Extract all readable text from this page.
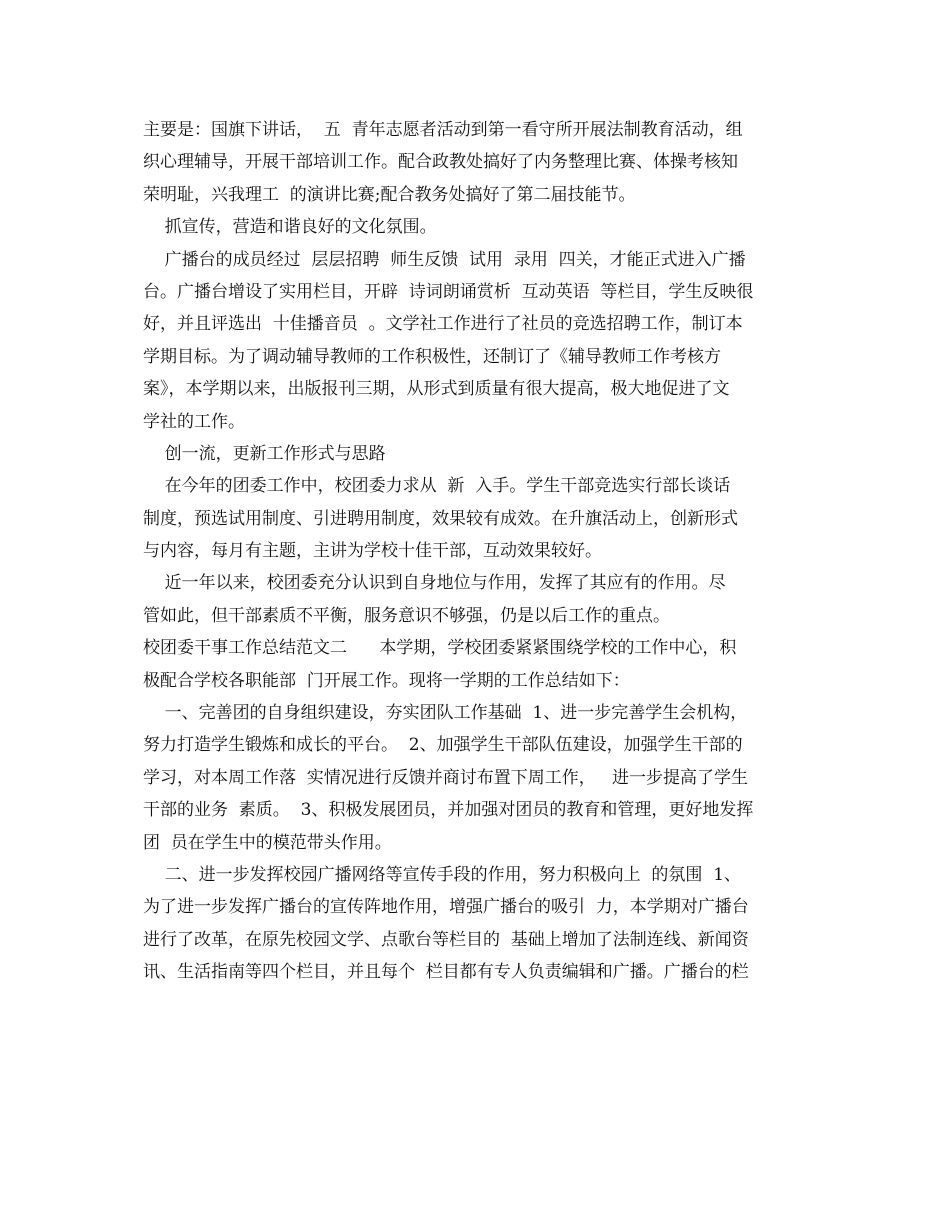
主要是：国旗下讲话，  五  青年志愿者活动到第一看守所开展法制教育活动，组
织心理辅导，开展干部培训工作。配合政教处搞好了内务整理比赛、体操考核知
荣明耻，兴我理工  的演讲比赛;配合教务处搞好了第二届技能节。
抓宣传，营造和谐良好的文化氛围。
广播台的成员经过  层层招聘  师生反馈  试用  录用  四关，才能正式进入广播
台。广播台增设了实用栏目，开辟  诗词朗诵赏析  互动英语  等栏目，学生反映很
好，并且评选出  十佳播音员  。文学社工作进行了社员的竞选招聘工作，制订本
学期目标。为了调动辅导教师的工作积极性，还制订了《辅导教师工作考核方
案》，本学期以来，出版报刊三期，从形式到质量有很大提高，极大地促进了文
学社的工作。
创一流，更新工作形式与思路
在今年的团委工作中，校团委力求从  新  入手。学生干部竞选实行部长谈话
制度，预选试用制度、引进聘用制度，效果较有成效。在升旗活动上，创新形式
与内容，每月有主题，主讲为学校十佳干部，互动效果较好。
近一年以来，校团委充分认识到自身地位与作用，发挥了其应有的作用。尽
管如此，但干部素质不平衡，服务意识不够强，仍是以后工作的重点。
校团委干事工作总结范文二      本学期，学校团委紧紧围绕学校的工作中心，积
极配合学校各职能部  门开展工作。现将一学期的工作总结如下：
一、完善团的自身组织建设，夯实团队工作基础  1、进一步完善学生会机构，
努力打造学生锻炼和成长的平台。  2、加强学生干部队伍建设，加强学生干部的
学习，对本周工作落  实情况进行反馈并商讨布置下周工作，   进一步提高了学生
干部的业务  素质。  3、积极发展团员，并加强对团员的教育和管理，更好地发挥
团  员在学生中的模范带头作用。
二、进一步发挥校园广播网络等宣传手段的作用，努力积极向上  的氛围  1、
为了进一步发挥广播台的宣传阵地作用，增强广播台的吸引  力，本学期对广播台
进行了改革，在原先校园文学、点歌台等栏目的  基础上增加了法制连线、新闻资
讯、生活指南等四个栏目，并且每个  栏目都有专人负责编辑和广播。广播台的栏
